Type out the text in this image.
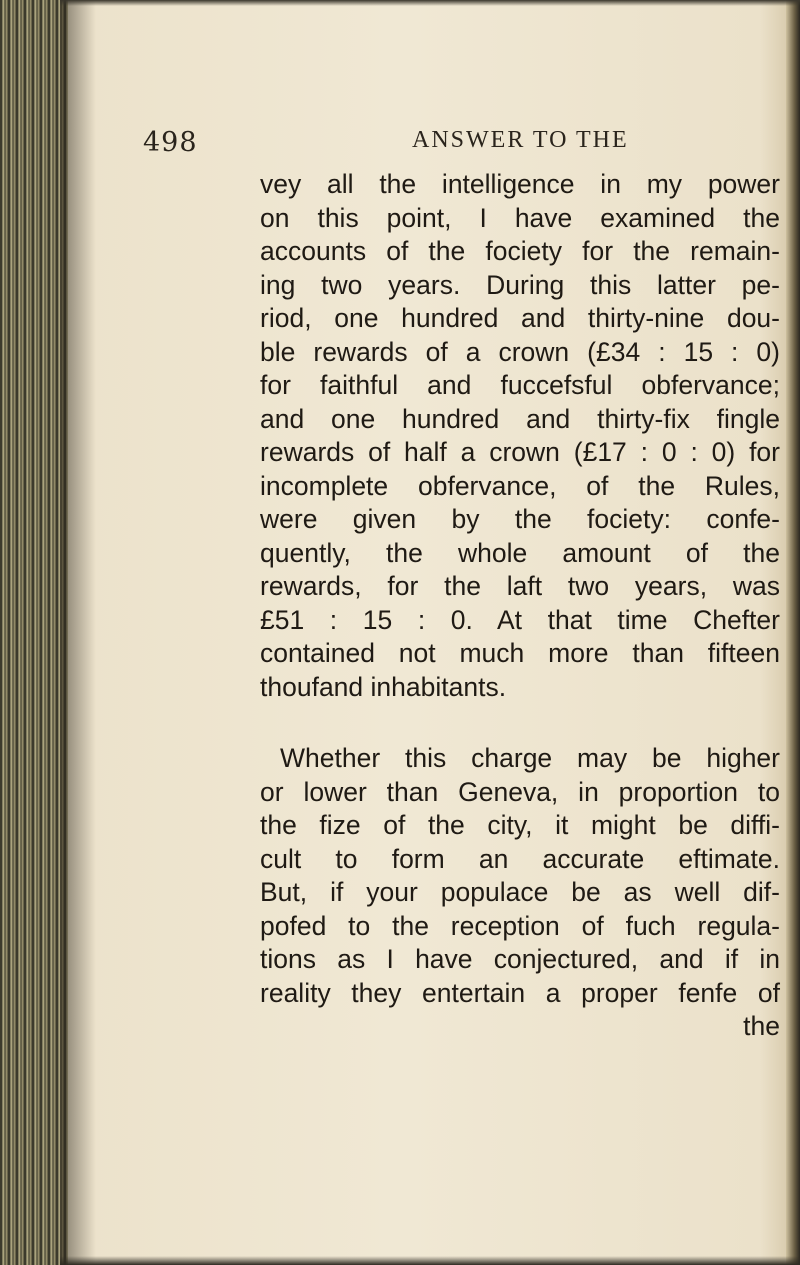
498	ANSWER TO THE
vey all the intelligence in my power
on this point, I have examined the
accounts of the fociety for the remain-
ing two years. During this latter pe-
riod, one hundred and thirty-nine dou-
ble rewards of a crown (£34 : 15 : 0)
for faithful and fuccefsful obfervance;
and one hundred and thirty-fix fingle
rewards of half a crown (£17 : 0 : 0) for
incomplete obfervance, of the Rules,
were given by the fociety: confe-
quently, the whole amount of the
rewards, for the laft two years, was
£51 : 15 : 0. At that time Chefter
contained not much more than fifteen
thoufand inhabitants.
Whether this charge may be higher
or lower than Geneva, in proportion to
the fize of the city, it might be diffi-
cult to form an accurate eftimate.
But, if your populace be as well dif-
pofed to the reception of fuch regula-
tions as I have conjectured, and if in
reality they entertain a proper fenfe of
the
